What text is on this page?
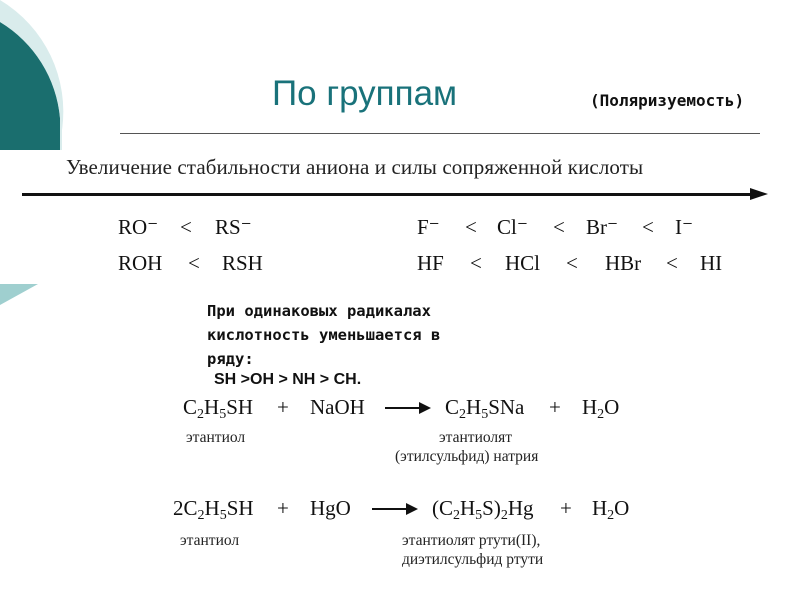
По группам	(Поляризуемость)
Увеличение стабильности аниона и силы сопряженной кислоты
RO⁻ < RS⁻	F⁻ < Cl⁻ < Br⁻ < I⁻
ROH < RSH	HF < HCl < HBr < HI
При одинаковых радикалах
кислотность уменьшается в
ряду:
SH >OH > NH > CH.
$C_2H_5SH$ + NaOH → $C_2H_5SNa + H_2O$
этантиол	этантиолят
(этилсульфид) натрия
$2C_2H_5SH$ + HgO → $(C_2H_5S)_2Hg + H_2O$
этантиол	этантиолят ртути(II),
диэтилсульфид ртути
